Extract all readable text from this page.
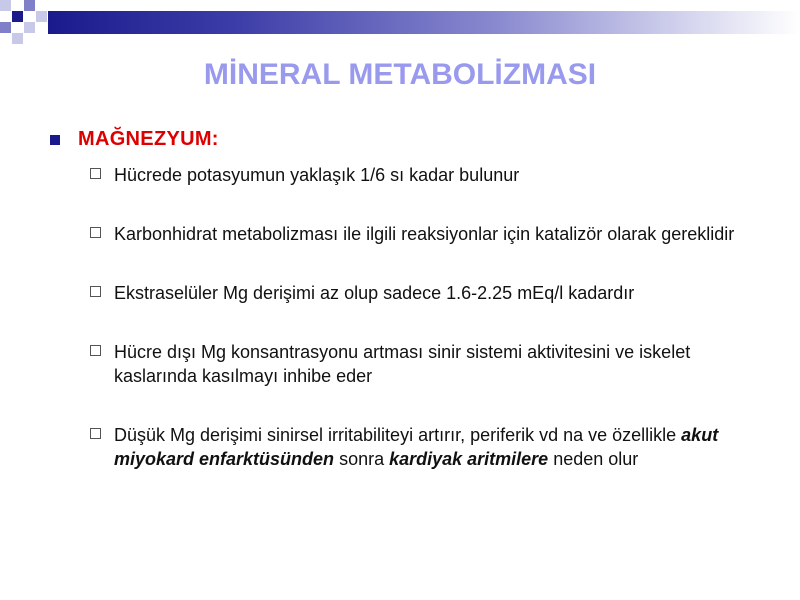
MİNERAL METABOLİZMASI
MAĞNEZYUM:
Hücrede potasyumun yaklaşık 1/6 sı kadar bulunur
Karbonhidrat metabolizması ile ilgili reaksiyonlar için katalizör olarak gereklidir
Ekstraselüler Mg derişimi az olup sadece 1.6-2.25 mEq/l kadardır
Hücre dışı Mg konsantrasyonu artması sinir sistemi aktivitesini ve iskelet kaslarında kasılmayı inhibe eder
Düşük Mg derişimi sinirsel irritabiliteyi artırır, periferik vd na ve özellikle akut miyokard enfarktüsünden sonra kardiyak aritmilere neden olur
